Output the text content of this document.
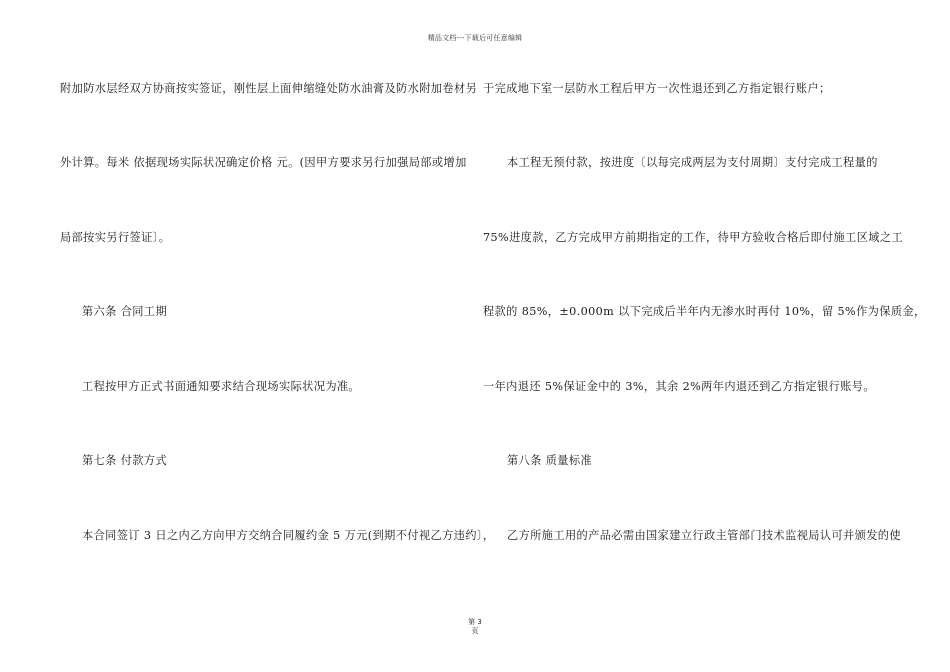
精品文档---下载后可任意编辑
附加防水层经双方协商按实签证，刚性层上面伸缩缝处防水油膏及防水附加卷材另
外计算。每米 依据现场实际状况确定价格 元。(因甲方要求另行加强局部或增加
局部按实另行签证〕。
第六条 合同工期
工程按甲方正式书面通知要求结合现场实际状况为准。
第七条 付款方式
本合同签订 3 日之内乙方向甲方交纳合同履约金 5 万元(到期不付视乙方违约〕，
于完成地下室一层防水工程后甲方一次性退还到乙方指定银行账户；
本工程无预付款，按进度〔以每完成两层为支付周期〕支付完成工程量的
75%进度款，乙方完成甲方前期指定的工作，待甲方验收合格后即付施工区域之工
程款的 85%，±0.000m 以下完成后半年内无渗水时再付 10%，留 5%作为保质金，
一年内退还 5%保证金中的 3%，其余 2%两年内退还到乙方指定银行账号。
第八条 质量标准
乙方所施工用的产品必需由国家建立行政主管部门技术监视局认可并颁发的使
第 3
页
